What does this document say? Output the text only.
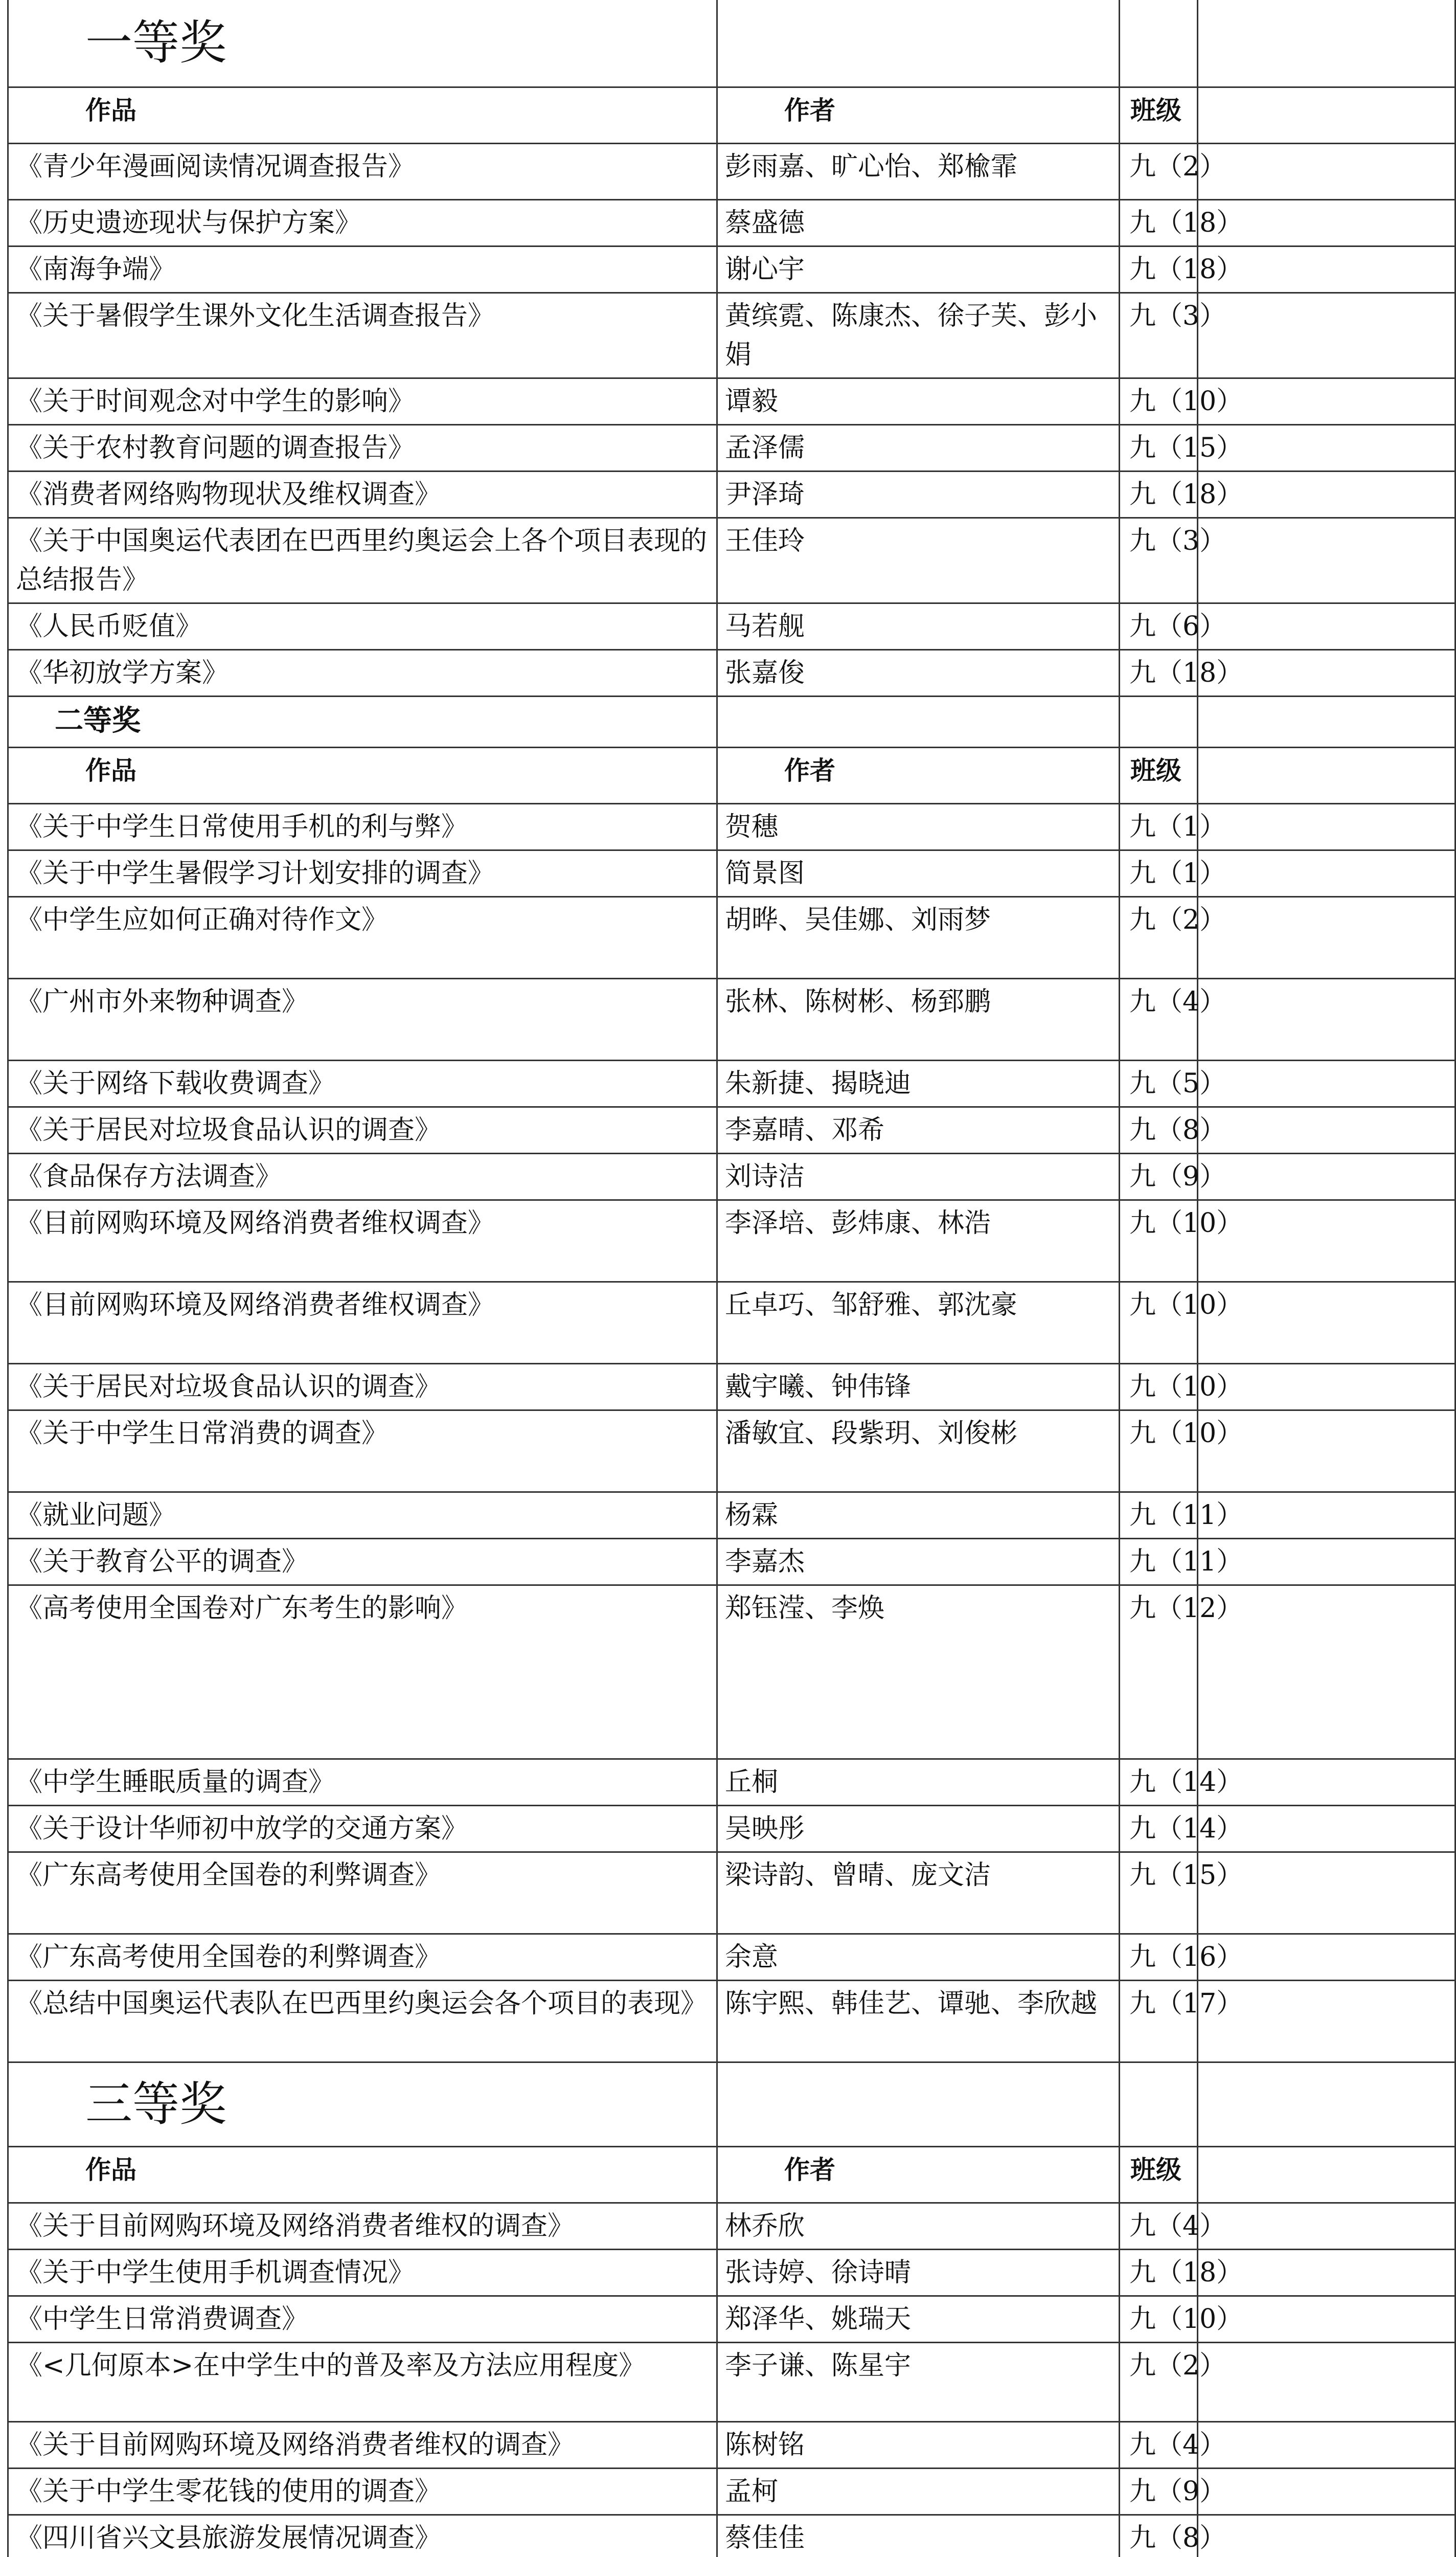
一等奖		
作品	作者	班级
《青少年漫画阅读情况调查报告》	彭雨嘉、旷心怡、郑楡霏	九（2）
《历史遗迹现状与保护方案》	蔡盛德	九（18）
《南海争端》	谢心宇	九（18）
《关于暑假学生课外文化生活调查报告》	黄缤霓、陈康杰、徐子芙、彭小娟	九（3）
《关于时间观念对中学生的影响》	谭毅	九（10）
《关于农村教育问题的调查报告》	孟泽儒	九（15）
《消费者网络购物现状及维权调查》	尹泽琦	九（18）
《关于中国奥运代表团在巴西里约奥运会上各个项目表现的总结报告》	王佳玲	九（3）
《人民币贬值》	马若舰	九（6）
《华初放学方案》	张嘉俊	九（18）
二等奖		
作品	作者	班级
《关于中学生日常使用手机的利与弊》	贺穗	九（1）
《关于中学生暑假学习计划安排的调查》	简景图	九（1）
《中学生应如何正确对待作文》	胡晔、吴佳娜、刘雨梦	九（2）
《广州市外来物种调查》	张林、陈树彬、杨郅鹏	九（4）
《关于网络下载收费调查》	朱新捷、揭晓迪	九（5）
《关于居民对垃圾食品认识的调查》	李嘉晴、邓希	九（8）
《食品保存方法调查》	刘诗洁	九（9）
《目前网购环境及网络消费者维权调查》	李泽培、彭炜康、林浩	九（10）
《目前网购环境及网络消费者维权调查》	丘卓巧、邹舒雅、郭沈豪	九（10）
《关于居民对垃圾食品认识的调查》	戴宇曦、钟伟锋	九（10）
《关于中学生日常消费的调查》	潘敏宜、段紫玥、刘俊彬	九（10）
《就业问题》	杨霖	九（11）
《关于教育公平的调查》	李嘉杰	九（11）
《高考使用全国卷对广东考生的影响》	郑钰滢、李焕	九（12）
《中学生睡眠质量的调查》	丘桐	九（14）
《关于设计华师初中放学的交通方案》	吴映彤	九（14）
《广东高考使用全国卷的利弊调查》	梁诗韵、曾晴、庞文洁	九（15）
《广东高考使用全国卷的利弊调查》	余意	九（16）
《总结中国奥运代表队在巴西里约奥运会各个项目的表现》	陈宇熙、韩佳艺、谭驰、李欣越	九（17）
三等奖		
作品	作者	班级
《关于目前网购环境及网络消费者维权的调查》	林乔欣	九（4）
《关于中学生使用手机调查情况》	张诗婷、徐诗晴	九（18）
《中学生日常消费调查》	郑泽华、姚瑞天	九（10）
《<几何原本>在中学生中的普及率及方法应用程度》	李子谦、陈星宇	九（2）
《关于目前网购环境及网络消费者维权的调查》	陈树铭	九（4）
《关于中学生零花钱的使用的调查》	孟柯	九（9）
《四川省兴文县旅游发展情况调查》	蔡佳佳	九（8）
